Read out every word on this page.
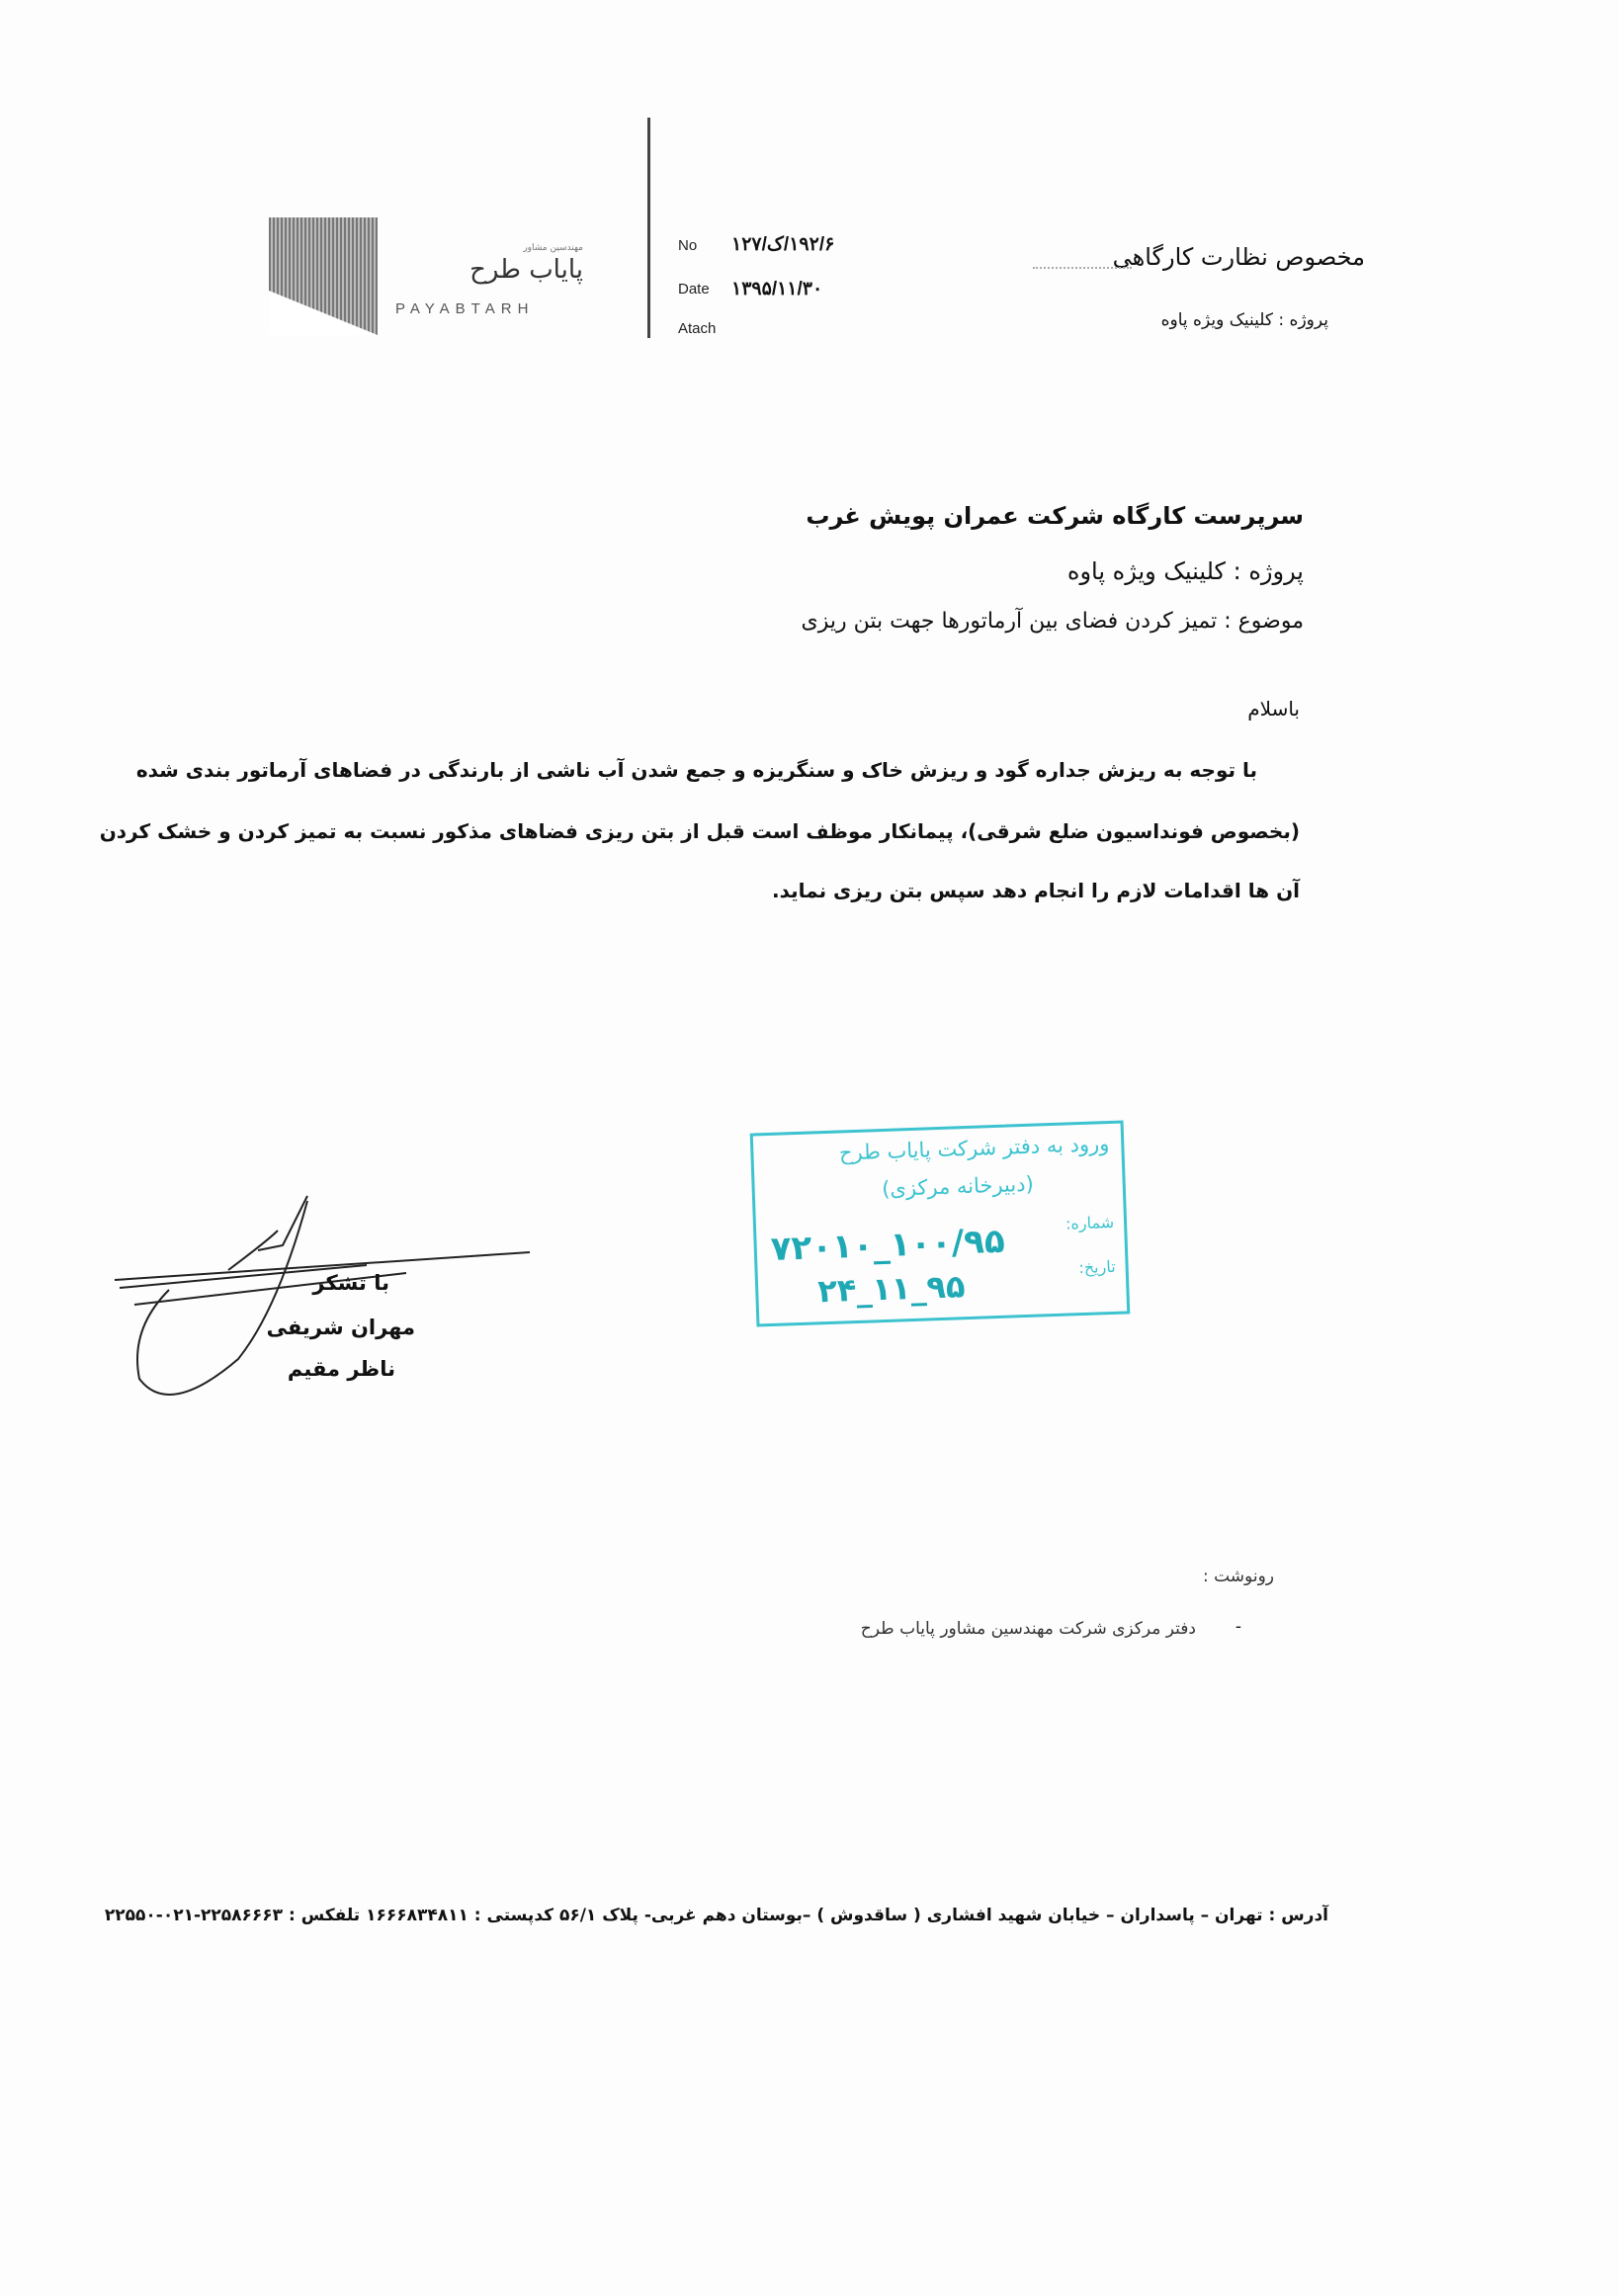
مهندسین مشاور
پایاب طرح
PAYABTARH
No ۱۹۲/۶/ک/۱۲۷
Date ۱۳۹۵/۱۱/۳۰
Atach
مخصوص نظارت کارگاهی
پروژه : کلینیک ویژه پاوه
سرپرست کارگاه شرکت عمران پویش غرب
پروژه : کلینیک ویژه پاوه
موضوع : تمیز کردن فضای بین آرماتورها جهت بتن ریزی
باسلام
با توجه به ریزش جداره گود و ریزش خاک و سنگریزه و جمع شدن آب ناشی از بارندگی در فضاهای آرماتور بندی شده
(بخصوص فونداسیون ضلع شرقی)، پیمانکار موظف است قبل از بتن ریزی فضاهای مذکور نسبت به تمیز کردن و خشک کردن
آن ها اقدامات لازم را انجام دهد سپس بتن ریزی نماید.
ورود به دفتر شرکت پایاب طرح
(دبیرخانه مرکزی)
شماره:
تاریخ:
۱۰۰/۹۵_۷۲۰۱۰
۹۵_۱۱_۲۴
با تشکر
مهران شریفی
ناظر مقیم
رونوشت :
-
دفتر مرکزی شرکت مهندسین مشاور پایاب طرح
آدرس : تهران – پاسداران – خیابان شهید افشاری ( ساقدوش ) –بوستان دهم غربی- پلاک ۵۶/۱ کدپستی : ۱۶۶۶۸۳۴۸۱۱ تلفکس : ۲۲۵۸۶۶۶۳-۰۲۱-۲۲۵۵۰
